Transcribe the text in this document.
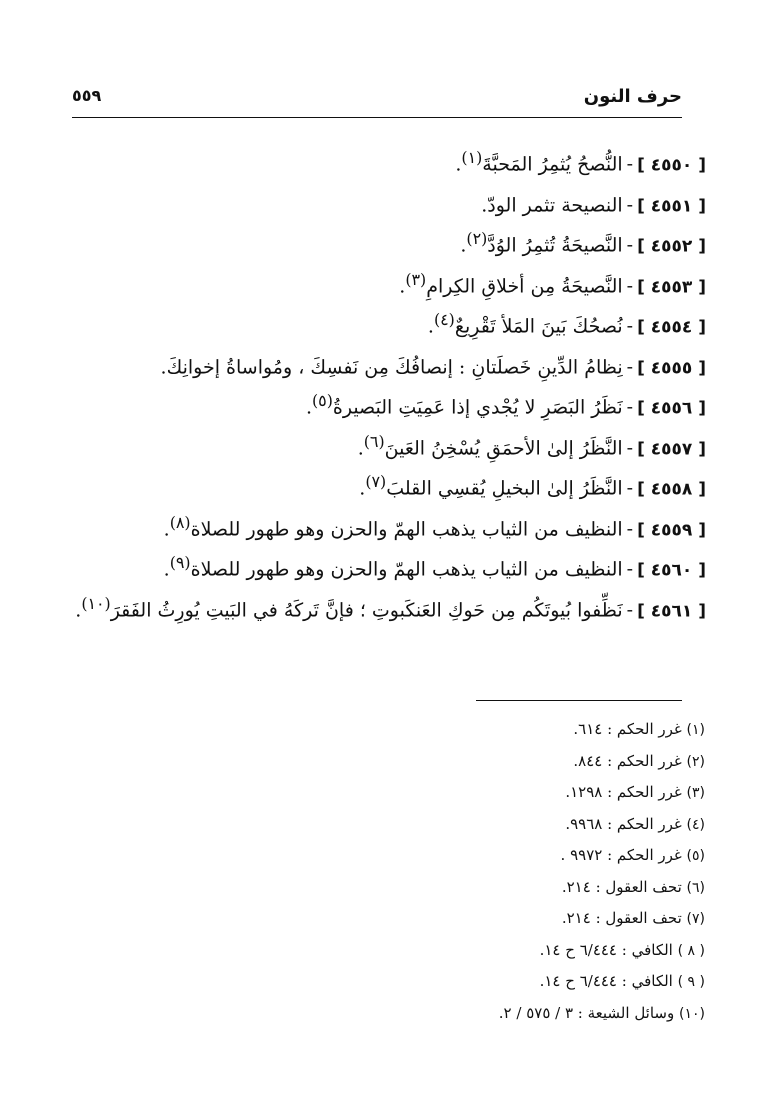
حرف النون
٥٥٩
[ ٤٥٥٠ ]-النُّصحُ يُثمِرُ المَحبَّةَ$^{(١)}$.
[ ٤٥٥١ ]-النصيحة تثمر الودّ.
[ ٤٥٥٢ ]-النَّصيحَةُ تُثمِرُ الوُدَّ$^{(٢)}$.
[ ٤٥٥٣ ]-النَّصيحَةُ مِن أخلاقِ الكِرامِ$^{(٣)}$.
[ ٤٥٥٤ ]-نُصحُكَ بَينَ المَلأ تَقْرِيعٌ$^{(٤)}$.
[ ٤٥٥٥ ]-نِظامُ الدِّينِ خَصلَتانِ : إنصافُكَ مِن نَفسِكَ ، ومُواساةُ إخوانِكَ.
[ ٤٥٥٦ ]-نَظَرُ البَصَرِ لا يُجْدي إذا عَمِيَتِ البَصيرةُ$^{(٥)}$.
[ ٤٥٥٧ ]-النَّظَرُ إلىٰ الأحمَقِ يُسْخِنُ العَينَ$^{(٦)}$.
[ ٤٥٥٨ ]-النَّظَرُ إلىٰ البخيلِ يُقسِي القلبَ$^{(٧)}$.
[ ٤٥٥٩ ]-النظيف من الثياب يذهب الهمّ والحزن وهو طهور للصلاة$^{(٨)}$.
[ ٤٥٦٠ ]-النظيف من الثياب يذهب الهمّ والحزن وهو طهور للصلاة$^{(٩)}$.
[ ٤٥٦١ ]-نَظِّفوا بُيوتَكُم مِن حَوكِ العَنكَبوتِ ؛ فإنَّ تَركَهُ في البَيتِ يُورِثُ الفَقرَ$^{(١٠)}$.
(١) غرر الحكم : ٦١٤.
(٢) غرر الحكم : ٨٤٤.
(٣) غرر الحكم : ١٢٩٨.
(٤) غرر الحكم : ٩٩٦٨.
(٥) غرر الحكم : ٩٩٧٢ .
(٦) تحف العقول : ٢١٤.
(٧) تحف العقول : ٢١٤.
( ٨ ) الكافي : ٦/٤٤٤ ح ١٤.
( ٩ ) الكافي : ٦/٤٤٤ ح ١٤.
(١٠) وسائل الشيعة : ٣ / ٥٧٥ / ٢.
